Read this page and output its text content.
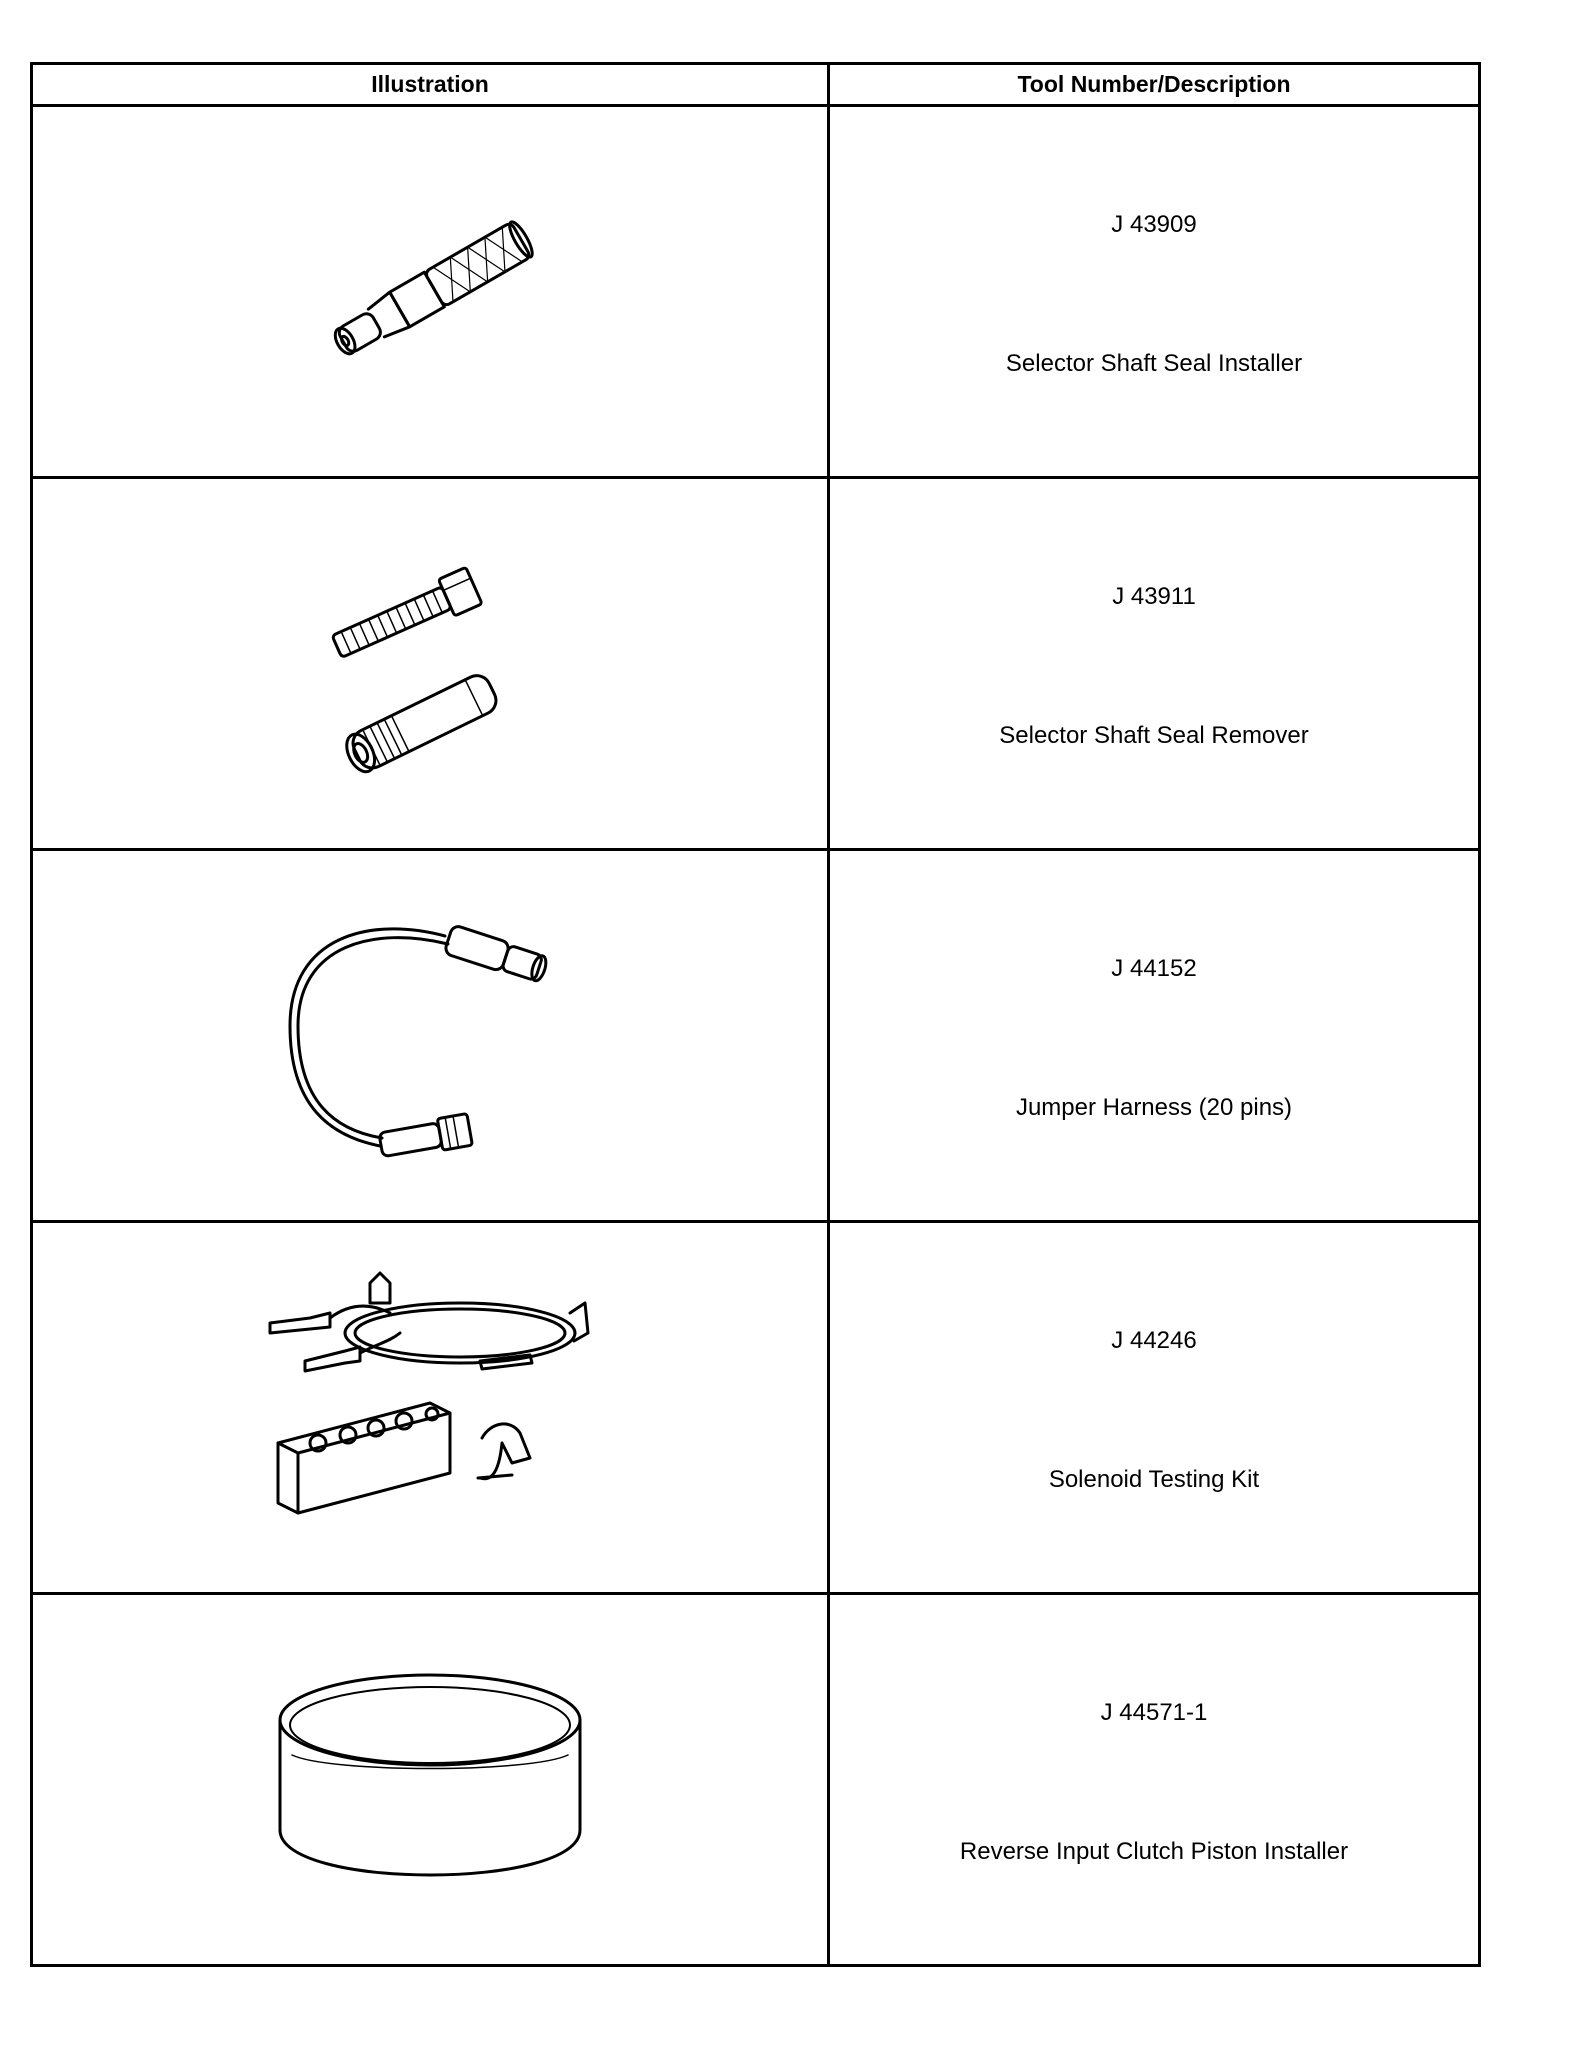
Illustration	Tool Number/Description

J 43909
Selector Shaft Seal Installer

J 43911
Selector Shaft Seal Remover

J 44152
Jumper Harness (20 pins)

J 44246
Solenoid Testing Kit

J 44571-1
Reverse Input Clutch Piston Installer
